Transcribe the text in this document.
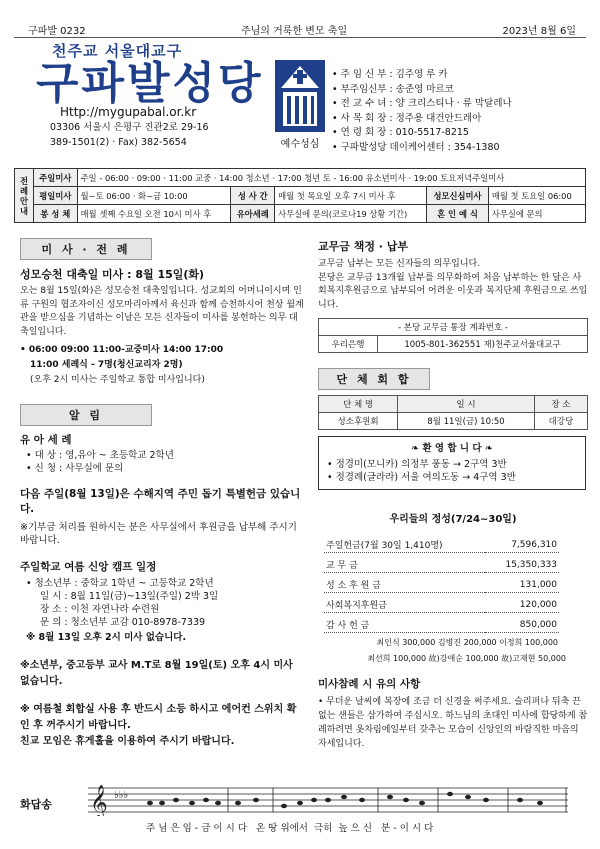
구파발 0232	주님의 거룩한 변모 축일	2023년 8월 6일
천주교 서울대교구
구파발성당
Http://mygupabal.or.kr
03306 서울시 은평구 진관2로 29-16
389-1501(2) · Fax) 382-5654	예수성심
• 주 임 신 부 : 김주영 루 카
• 부주임신부 : 송준영 마르코
• 전 교 수 녀 : 양 크리스티나 · 류 막달레나
• 사 목 회 장 : 정주용 대건안드레아
• 연 령 회 장 : 010-5517-8215
• 구파발성당 데이케어센터 : 354-1380
전례안내	주일미사	주일 - 06:00 · 09:00 · 11:00 교중 · 14:00 청소년 · 17:00 청년 토 - 16:00 유소년미사 · 19:00 토요저녁주일미사				
	평일미사	월~토 06:00 · 화~금 10:00	성 사 간	매월 첫 목요일 오후 7시 미사 후	성모신심미사	매월 첫 토요일 06:00
	봉 성 체	매월 셋째 수요일 오전 10시 미사 후	유아세례	사무실에 문의(코로나19 상황 기간)	혼 인 예 식	사무실에 문의
미 사 · 전 례
성모승천 대축일 미사 : 8월 15일(화)
오는 8월 15일(화)은 성모승천 대축일입니다. 성교회의 어머니이시며 인류 구원의 협조자이신 성모마리아께서 육신과 함께 승천하시어 천상 월계관을 받으심을 기념하는 이날은 모든 신자들이 미사를 봉헌하는 의무 대축일입니다.
• 06:00 09:00 11:00-교중미사 14:00 17:00
11:00 세례식 - 7명(청신교리자 2명)
(오후 2시 미사는 주일학교 통합 미사입니다)
알 림
유 아 세 례
• 대 상 : 영,유아 ~ 초등학교 2학년
• 신 청 : 사무실에 문의
다음 주일(8월 13일)은 수해지역 주민 돕기 특별헌금 있습니다.
※기부금 처리를 원하시는 분은 사무실에서 후원금을 납부해 주시기 바랍니다.
주일학교 여름 신앙 캠프 일정
• 청소년부 : 중학교 1학년 ~ 고등학교 2학년
일 시 : 8월 11일(금)~13일(주일) 2박 3일
장 소 : 이천 자연나라 수련원
문 의 : 청소년부 교감 010-8978-7339
※ 8월 13일 오후 2시 미사 없습니다.
※소년부, 중고등부 교사 M.T로 8월 19일(토) 오후 4시 미사 없습니다.
※ 여름철 회합실 사용 후 반드시 소등 하시고 에어컨 스위치 확인 후 꺼주시기 바랍니다.
친교 모임은 휴게홀을 이용하여 주시기 바랍니다.
교무금 책정 · 납부
교무금 납부는 모든 신자들의 의무입니다.
본당은 교무금 13개월 납부를 의무화하여 처음 납부하는 한 달은 사회복지후원금으로 납부되어 어려운 이웃과 복지단체 후원금으로 쓰입니다.
- 본당 교무금 통장 계좌번호 -
우리은행	1005-801-362551 재)천주교서울대교구
단 체 회 합
단 체 명	일 시	장 소
성소후원회	8월 11일(금) 10:50	대강당
❧ 환 영 합 니 다 ❧
• 정경미(모니카) 의정부 풍동 → 2구역 3반
• 정경례(글라라) 서울 여의도동 → 4구역 3반
우리들의 정성(7/24~30일)
주일헌금(7월 30일 1,410명)	7,596,310
교 무 금	15,350,333
성 소 후 원 금	131,000
사회복지후원금	120,000
감 사 헌 금	850,000
최인식 300,000 김병진 200,000 이정희 100,000
최선희 100,000 故)강애순 100,000 故)고재현 50,000
미사참례 시 유의 사항
• 무더운 날씨에 복장에 조금 더 신경을 써주세요. 슬리퍼나 뒤축 끈 없는 샌들은 삼가하여 주십시오. 하느님의 초대인 미사에 합당하게 참례하려면 옷차림에일부터 갖추는 모습이 신앙인의 바람직한 마음의 자세입니다.
화답송 𝄞 ♭♭♭
주 님 은 임 - 금 이 시 다   온 땅 위에서  극히  높 으 신   분 - 이 시 다
